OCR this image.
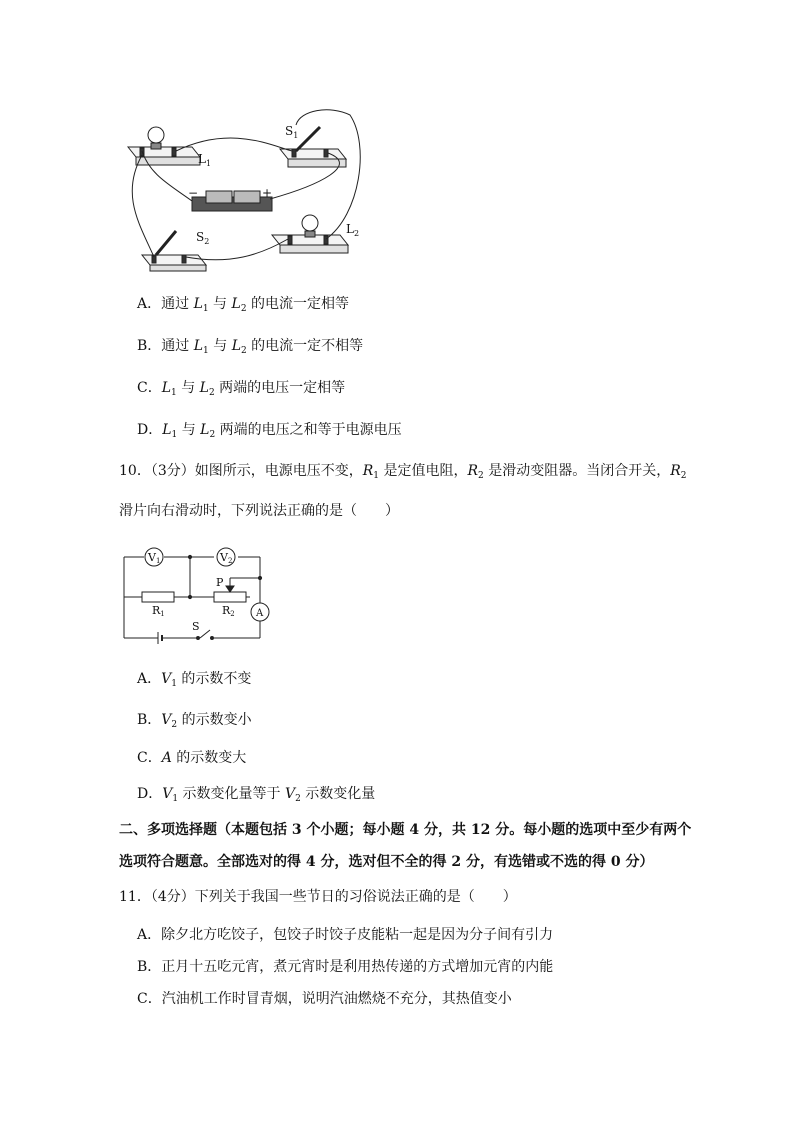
$S_1$
$L_1$
−	+
$S_2$
$L_2$
A．通过 $L_1$ 与 $L_2$ 的电流一定相等
B．通过 $L_1$ 与 $L_2$ 的电流一定不相等
C．$L_1$ 与 $L_2$ 两端的电压一定相等
D．$L_1$ 与 $L_2$ 两端的电压之和等于电源电压
10．（3分）如图所示，电源电压不变，$R_1$ 是定值电阻，$R_2$ 是滑动变阻器。当闭合开关，$R_2$
滑片向右滑动时，下列说法正确的是（　　）
V1	V2
P
R1	R2 A
S
A．$V_1$ 的示数不变
B．$V_2$ 的示数变小
C．A 的示数变大
D．$V_1$ 示数变化量等于 $V_2$ 示数变化量
二、多项选择题（本题包括 3 个小题；每小题 4 分，共 12 分。每小题的选项中至少有两个
选项符合题意。全部选对的得 4 分，选对但不全的得 2 分，有选错或不选的得 0 分）
11．（4分）下列关于我国一些节日的习俗说法正确的是（　　）
A．除夕北方吃饺子，包饺子时饺子皮能粘一起是因为分子间有引力
B．正月十五吃元宵，煮元宵时是利用热传递的方式增加元宵的内能
C．汽油机工作时冒青烟，说明汽油燃烧不充分，其热值变小
